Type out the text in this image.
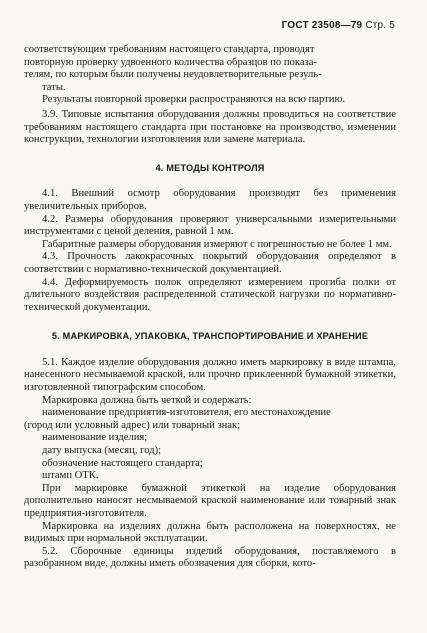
ГОСТ 23508—79 Стр. 5
соответствующим требованиям настоящего стандарта, проводят
повторную проверку удвоенного количества образцов по показа-
телям, по которым были получены неудовлетворительные резуль-
таты.

Результаты повторной проверки распространяются на всю партию.

3.9. Типовые испытания оборудования должны проводиться на соответствие требованиям настоящего стандарта при постановке на производство, изменении конструкции, технологии изготовления или замене материала.

4. МЕТОДЫ КОНТРОЛЯ

4.1. Внешний осмотр оборудования производят без применения увеличительных приборов.

4.2. Размеры оборудования проверяют универсальными измерительными инструментами с ценой деления, равной 1 мм.

Габаритные размеры оборудования измеряют с погрешностью не более 1 мм.

4.3. Прочность лакокрасочных покрытий оборудования определяют в соответствии с нормативно-технической документацией.

4.4. Деформируемость полок определяют измерением прогиба полки от длительного воздействия распределенной статической нагрузки по нормативно-технической документации.

5. МАРКИРОВКА, УПАКОВКА, ТРАНСПОРТИРОВАНИЕ И ХРАНЕНИЕ

5.1. Каждое изделие оборудования должно иметь маркировку в виде штампа, нанесенного несмываемой краской, или прочно приклеенной бумажной этикетки, изготовленной типографским способом.

Маркировка должна быть четкой и содержать:

наименование предприятия-изготовителя, его местонахождение
(город или условный адрес) или товарный знак;
наименование изделия;
дату выпуска (месяц, год);
обозначение настоящего стандарта;
штамп ОТК.

При маркировке бумажной этикеткой на изделие оборудования дополнительно наносят несмываемой краской наименование или товарный знак предприятия-изготовителя.

Маркировка на изделиях должна быть расположена на поверхностях, не видимых при нормальной эксплуатации.

5.2. Сборочные единицы изделий оборудования, поставляемого в разобранном виде, должны иметь обозначения для сборки, кото-
